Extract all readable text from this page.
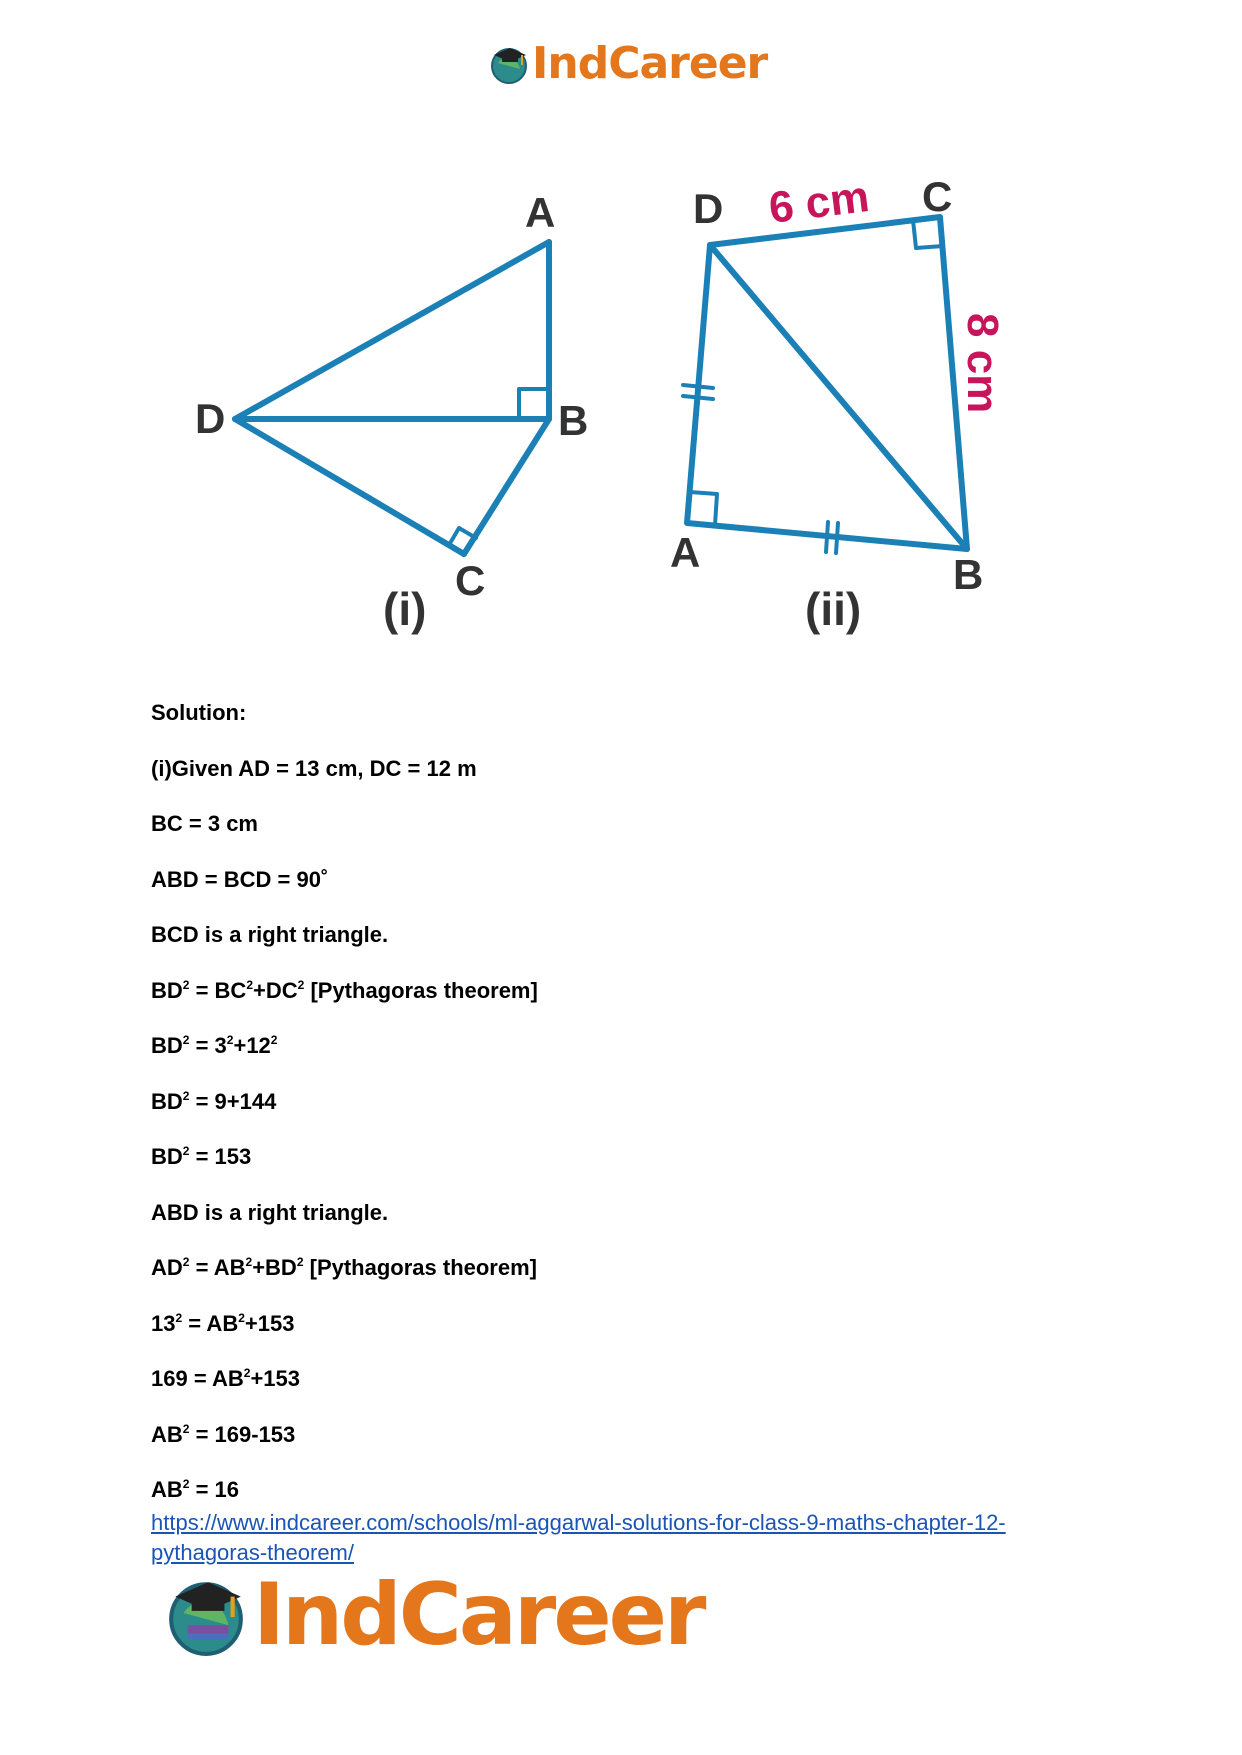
IndCareer
A
D	B
C
(i)
D	C
A	B
(ii)
6 cm
8 cm
Solution:
(i)Given AD = 13 cm, DC = 12 m
BC = 3 cm
ABD = BCD = 90˚
BCD is a right triangle.
$BD^2 = BC^2+DC^2$ [Pythagoras theorem]
$BD^2 = 3^2+12^2$
$BD^2 = 9+144$
$BD^2 = 153$
ABD is a right triangle.
$AD^2 = AB^2+BD^2$ [Pythagoras theorem]
$13^2 = AB^2+153$
$169 = AB^2+153$
$AB^2 = 169-153$
$AB^2 = 16$
https://www.indcareer.com/schools/ml-aggarwal-solutions-for-class-9-maths-chapter-12-pythagoras-theorem/
IndCareer
